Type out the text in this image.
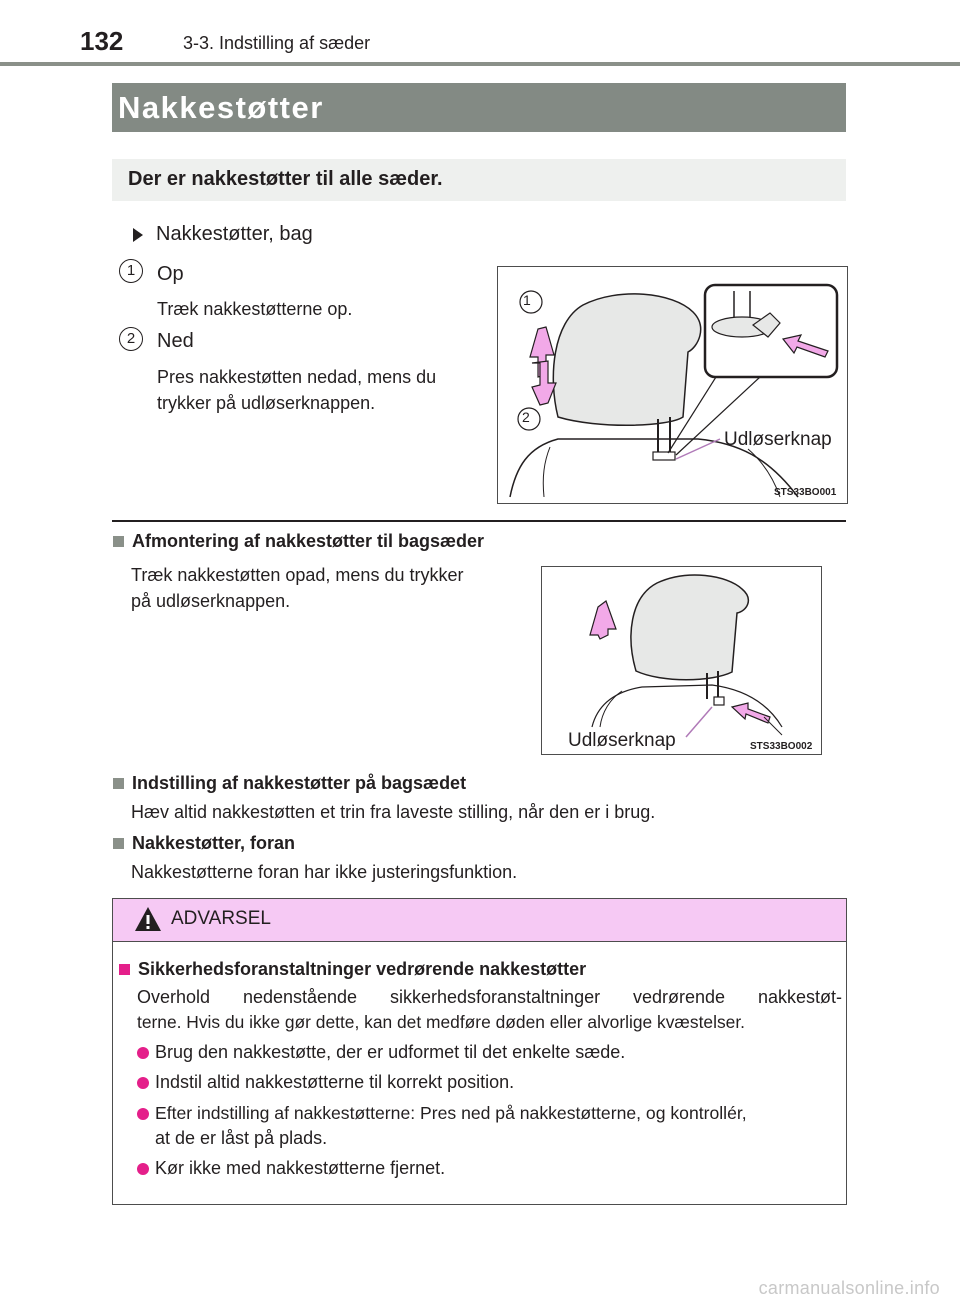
132	3-3. Indstilling af sæder
Nakkestøtter
Der er nakkestøtter til alle sæder.
Nakkestøtter, bag
1	Op
Træk nakkestøtterne op.
2	Ned
Pres nakkestøtten nedad, mens du
trykker på udløserknappen.
1
2
Udløserknap
STS33BO001
Afmontering af nakkestøtter til bagsæder
Træk nakkestøtten opad, mens du trykker
på udløserknappen.
Udløserknap	STS33BO002
Indstilling af nakkestøtter på bagsædet
Hæv altid nakkestøtten et trin fra laveste stilling, når den er i brug.
Nakkestøtter, foran
Nakkestøtterne foran har ikke justeringsfunktion.
ADVARSEL
Sikkerhedsforanstaltninger vedrørende nakkestøtter
Overhold nedenstående sikkerhedsforanstaltninger vedrørende nakkestøt-
terne. Hvis du ikke gør dette, kan det medføre døden eller alvorlige kvæstelser.
Brug den nakkestøtte, der er udformet til det enkelte sæde.
Indstil altid nakkestøtterne til korrekt position.
Efter indstilling af nakkestøtterne: Pres ned på nakkestøtterne, og kontrollér,
at de er låst på plads.
Kør ikke med nakkestøtterne fjernet.
carmanualsonline.info
